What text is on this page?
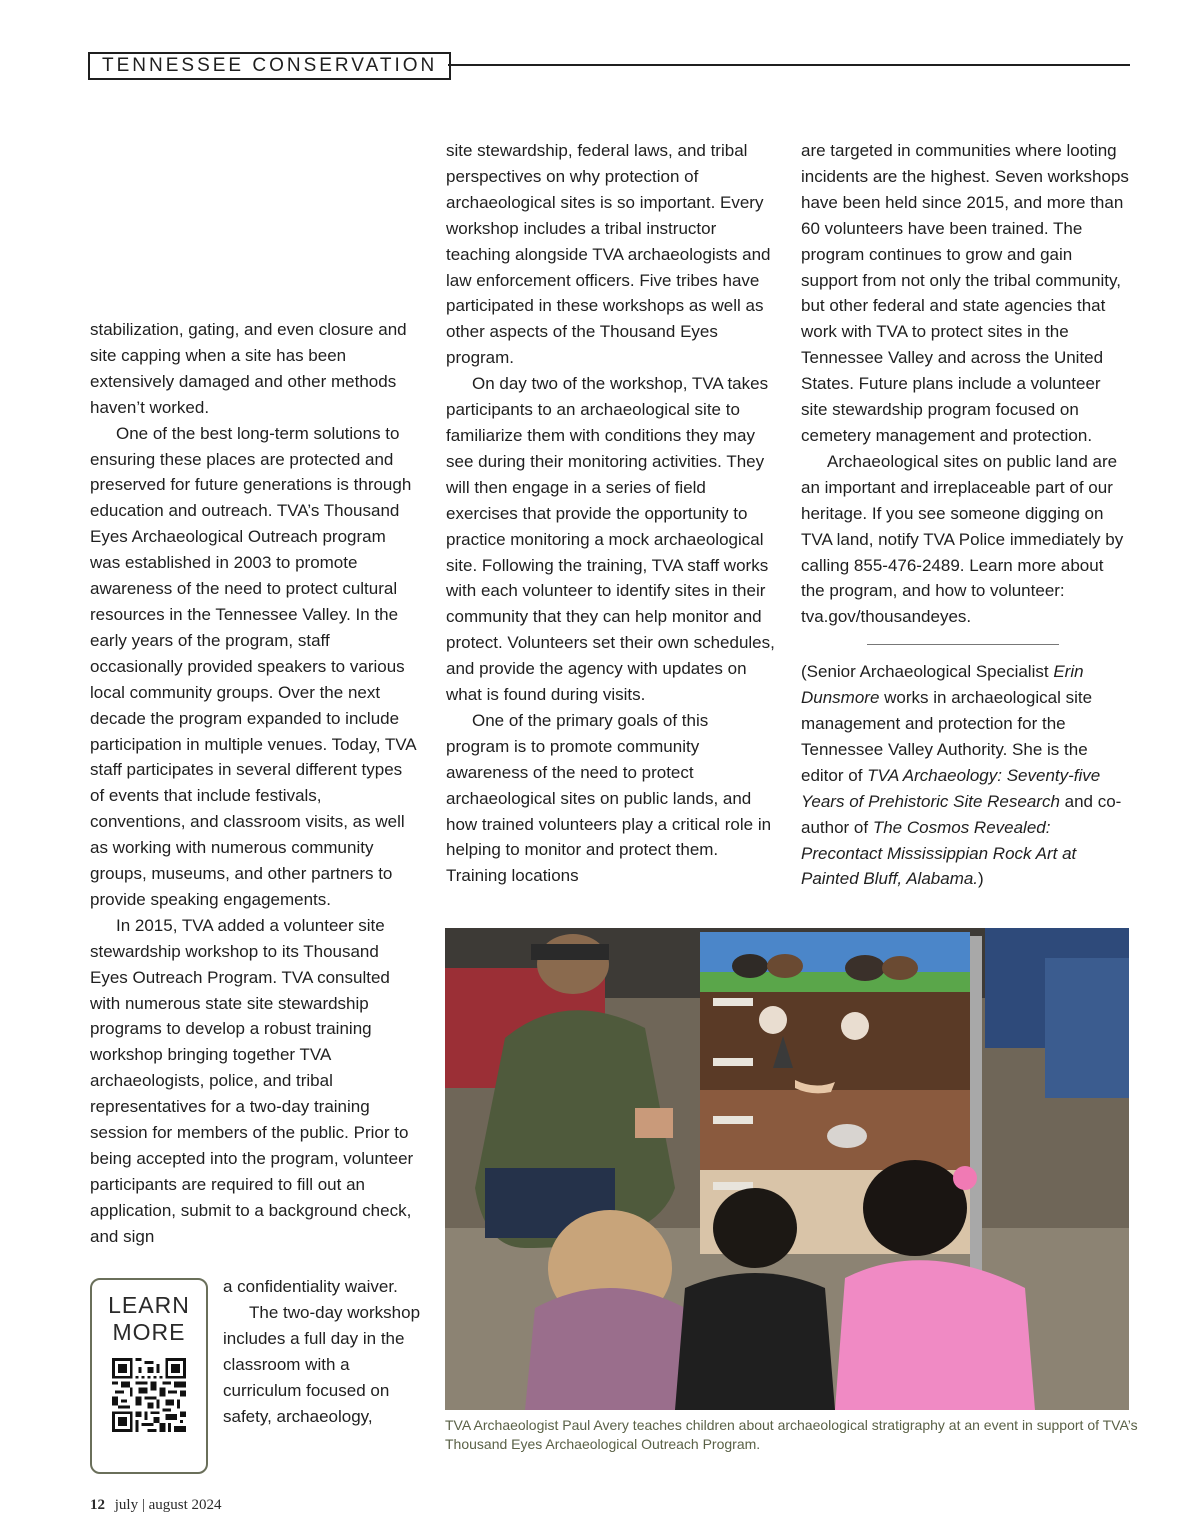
TENNESSEE CONSERVATION

stabilization, gating, and even closure and site capping when a site has been extensively damaged and other methods haven’t worked.

One of the best long-term solutions to ensuring these places are protected and preserved for future generations is through education and outreach. TVA’s Thousand Eyes Archaeological Outreach program was established in 2003 to promote awareness of the need to protect cultural resources in the Tennessee Valley. In the early years of the program, staff occasionally provided speakers to various local community groups. Over the next decade the program expanded to include participation in multiple venues. Today, TVA staff participates in several different types of events that include festivals, conventions, and classroom visits, as well as working with numerous community groups, museums, and other partners to provide speaking engagements.

In 2015, TVA added a volunteer site stewardship workshop to its Thousand Eyes Outreach Program. TVA consulted with numerous state site stewardship programs to develop a robust training workshop bringing together TVA archaeologists, police, and tribal representatives for a two-day training session for members of the public. Prior to being accepted into the program, volunteer participants are required to fill out an application, submit to a background check, and sign

LEARN
MORE

a confidentiality waiver.

The two-day workshop includes a full day in the classroom with a curriculum focused on safety, archaeology,

site stewardship, federal laws, and tribal perspectives on why protection of archaeological sites is so important. Every workshop includes a tribal instructor teaching alongside TVA archaeologists and law enforcement officers. Five tribes have participated in these workshops as well as other aspects of the Thousand Eyes program.

On day two of the workshop, TVA takes participants to an archaeological site to familiarize them with conditions they may see during their monitoring activities. They will then engage in a series of field exercises that provide the opportunity to practice monitoring a mock archaeological site. Following the training, TVA staff works with each volunteer to identify sites in their community that they can help monitor and protect. Volunteers set their own schedules, and provide the agency with updates on what is found during visits.

One of the primary goals of this program is to promote community awareness of the need to protect archaeological sites on public lands, and how trained volunteers play a critical role in helping to monitor and protect them. Training locations

are targeted in communities where looting incidents are the highest. Seven workshops have been held since 2015, and more than 60 volunteers have been trained. The program continues to grow and gain support from not only the tribal community, but other federal and state agencies that work with TVA to protect sites in the Tennessee Valley and across the United States. Future plans include a volunteer site stewardship program focused on cemetery management and protection.

Archaeological sites on public land are an important and irreplaceable part of our heritage. If you see someone digging on TVA land, notify TVA Police immediately by calling 855-476-2489. Learn more about the program, and how to volunteer: tva.gov/thousandeyes.

(Senior Archaeological Specialist Erin Dunsmore works in archaeological site management and protection for the Tennessee Valley Authority. She is the editor of TVA Archaeology: Seventy-five Years of Prehistoric Site Research and co-author of The Cosmos Revealed: Precontact Mississippian Rock Art at Painted Bluff, Alabama.)

TVA Archaeologist Paul Avery teaches children about archaeological stratigraphy at an event in support of TVA’s Thousand Eyes Archaeological Outreach Program.
12 july | august 2024
